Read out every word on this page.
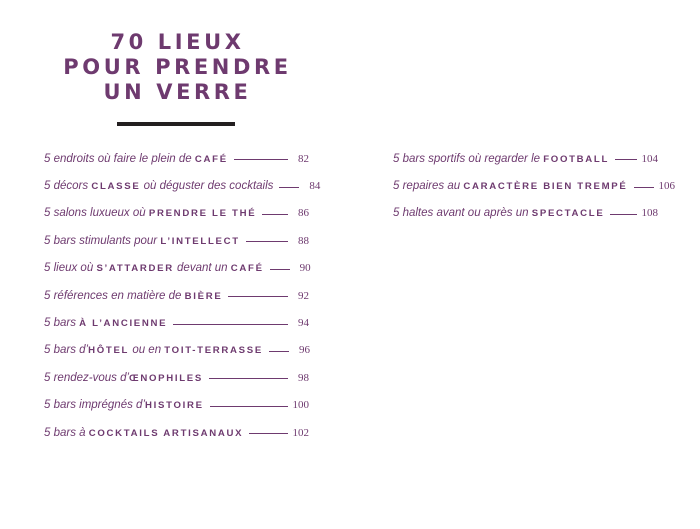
70 LIEUX
POUR PRENDRE
UN VERRE
5 endroits où faire le plein de CAFÉ	82
5 décors CLASSE où déguster des cocktails	84
5 salons luxueux où PRENDRE LE THÉ	86
5 bars stimulants pour L’INTELLECT	88
5 lieux où S’ATTARDER devant un CAFÉ	90
5 références en matière de BIÈRE	92
5 bars À L’ANCIENNE	94
5 bars d’HÔTEL ou en TOIT-TERRASSE	96
5 rendez-vous d’ŒNOPHILES	98
5 bars imprégnés d’HISTOIRE	100
5 bars à COCKTAILS ARTISANAUX	102
5 bars sportifs où regarder le FOOTBALL	104
5 repaires au CARACTÈRE BIEN TREMPÉ	106
5 haltes avant ou après un SPECTACLE	108
